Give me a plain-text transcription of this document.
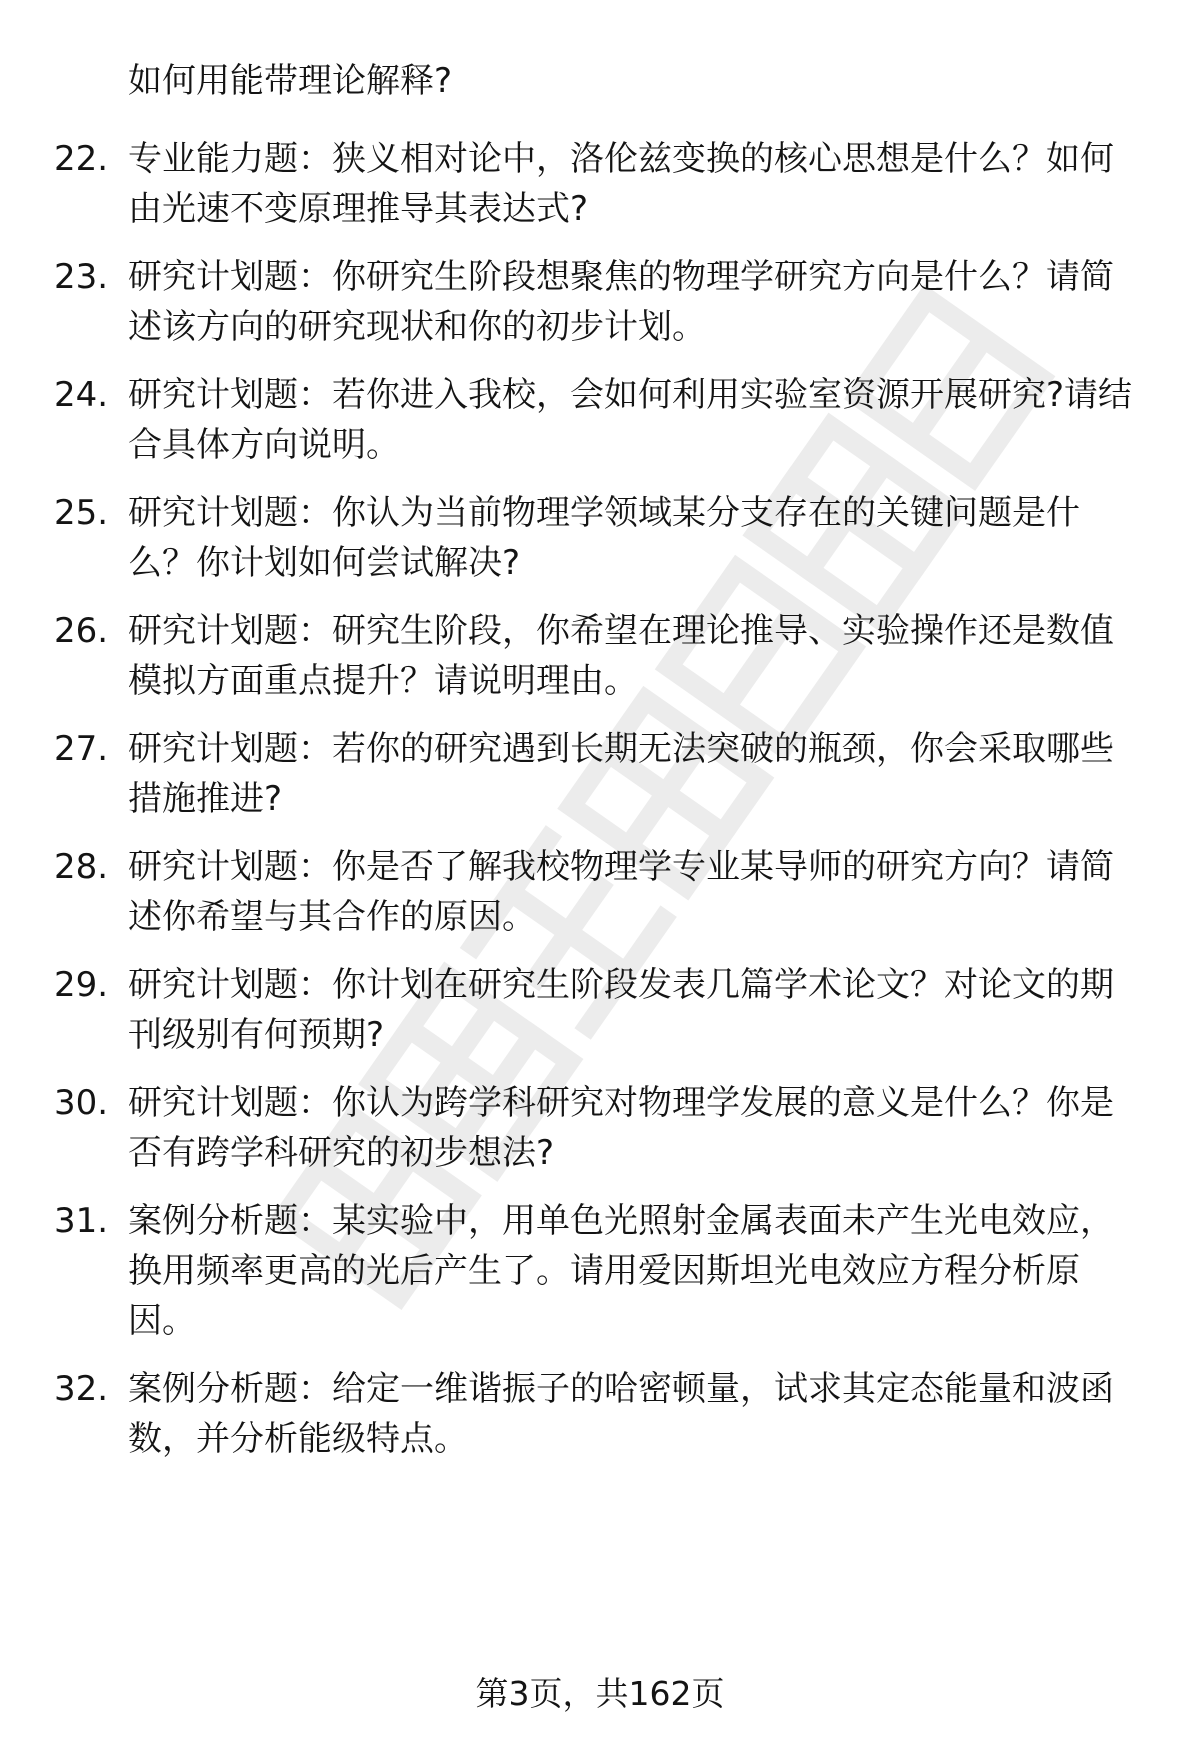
如何用能带理论解释?

22. 专业能力题：狭义相对论中，洛伦兹变换的核心思想是什么？如何由光速不变原理推导其表达式?

23. 研究计划题：你研究生阶段想聚焦的物理学研究方向是什么？请简述该方向的研究现状和你的初步计划。

24. 研究计划题：若你进入我校，会如何利用实验室资源开展研究?请结合具体方向说明。

25. 研究计划题：你认为当前物理学领域某分支存在的关键问题是什么？你计划如何尝试解决?

26. 研究计划题：研究生阶段，你希望在理论推导、实验操作还是数值模拟方面重点提升？请说明理由。

27. 研究计划题：若你的研究遇到长期无法突破的瓶颈，你会采取哪些措施推进?

28. 研究计划题：你是否了解我校物理学专业某导师的研究方向？请简述你希望与其合作的原因。

29. 研究计划题：你计划在研究生阶段发表几篇学术论文？对论文的期刊级别有何预期?

30. 研究计划题：你认为跨学科研究对物理学发展的意义是什么？你是否有跨学科研究的初步想法?

31. 案例分析题：某实验中，用单色光照射金属表面未产生光电效应，换用频率更高的光后产生了。请用爱因斯坦光电效应方程分析原因。

32. 案例分析题：给定一维谐振子的哈密顿量，试求其定态能量和波函数，并分析能级特点。

第3页，共162页
